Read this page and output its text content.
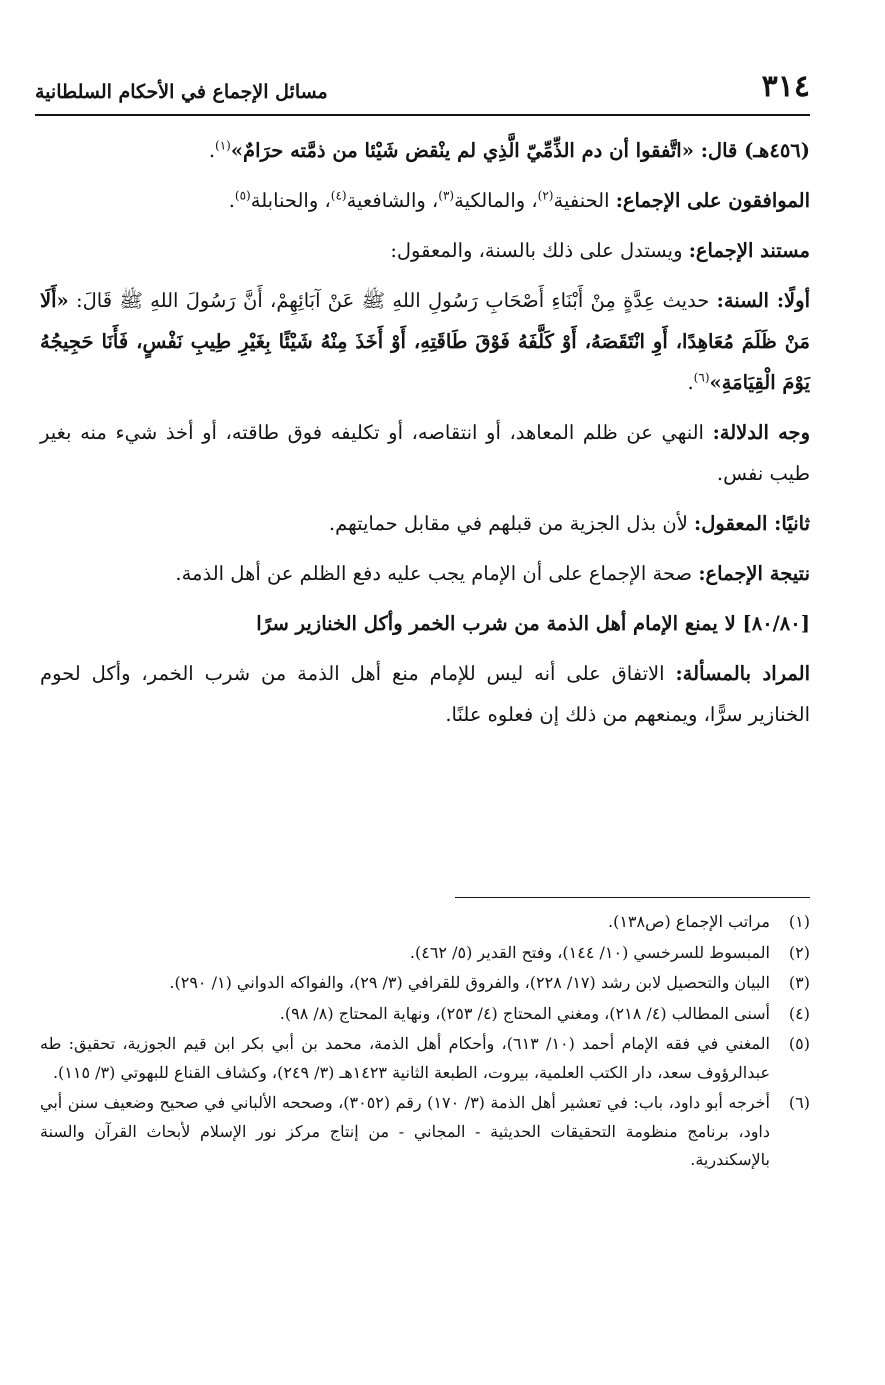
٣١٤
مسائل الإجماع في الأحكام السلطانية

(٤٥٦هـ) قال: «اتَّفقوا أن دم الذِّمِّيّ الَّذِي لم ينْقض شَيْئا من ذمَّته حرَامٌ»$^{(١)}$.

الموافقون على الإجماع: الحنفية$^{(٢)}$، والمالكية$^{(٣)}$، والشافعية$^{(٤)}$، والحنابلة$^{(٥)}$.

مستند الإجماع: ويستدل على ذلك بالسنة، والمعقول:

أولًا: السنة: حديث عِدَّةٍ مِنْ أَبْنَاءِ أَصْحَابِ رَسُولِ اللهِ ﷺ عَنْ آبَائِهِمْ، أَنَّ رَسُولَ اللهِ ﷺ قَالَ: «أَلَا مَنْ ظَلَمَ مُعَاهِدًا، أَوِ انْتَقَصَهُ، أَوْ كَلَّفَهُ فَوْقَ طَاقَتِهِ، أَوْ أَخَذَ مِنْهُ شَيْئًا بِغَيْرِ طِيبِ نَفْسٍ، فَأَنَا حَجِيجُهُ يَوْمَ الْقِيَامَةِ»$^{(٦)}$.

وجه الدلالة: النهي عن ظلم المعاهد، أو انتقاصه، أو تكليفه فوق طاقته، أو أخذ شيء منه بغير طيب نفس.

ثانيًا: المعقول: لأن بذل الجزية من قبلهم في مقابل حمايتهم.

نتيجة الإجماع: صحة الإجماع على أن الإمام يجب عليه دفع الظلم عن أهل الذمة.

[٨٠/٨٠] لا يمنع الإمام أهل الذمة من شرب الخمر وأكل الخنازير سرًا

المراد بالمسألة: الاتفاق على أنه ليس للإمام منع أهل الذمة من شرب الخمر، وأكل لحوم الخنازير سرًّا، ويمنعهم من ذلك إن فعلوه علنًا.

(١)
مراتب الإجماع (ص١٣٨).
(٢)
المبسوط للسرخسي (١٠/ ١٤٤)، وفتح القدير (٥/ ٤٦٢).
(٣)
البيان والتحصيل لابن رشد (١٧/ ٢٢٨)، والفروق للقرافي (٣/ ٢٩)، والفواكه الدواني (١/ ٢٩٠).
(٤)
أسنى المطالب (٤/ ٢١٨)، ومغني المحتاج (٤/ ٢٥٣)، ونهاية المحتاج (٨/ ٩٨).
(٥)
المغني في فقه الإمام أحمد (١٠/ ٦١٣)، وأحكام أهل الذمة، محمد بن أبي بكر ابن قيم الجوزية، تحقيق: طه عبدالرؤوف سعد، دار الكتب العلمية، بيروت، الطبعة الثانية ١٤٢٣هـ (٣/ ٢٤٩)، وكشاف القناع للبهوتي (٣/ ١١٥).
(٦)
أخرجه أبو داود، باب: في تعشير أهل الذمة (٣/ ١٧٠) رقم (٣٠٥٢)، وصححه الألباني في صحيح وضعيف سنن أبي داود، برنامج منظومة التحقيقات الحديثية - المجاني - من إنتاج مركز نور الإسلام لأبحاث القرآن والسنة بالإسكندرية.
